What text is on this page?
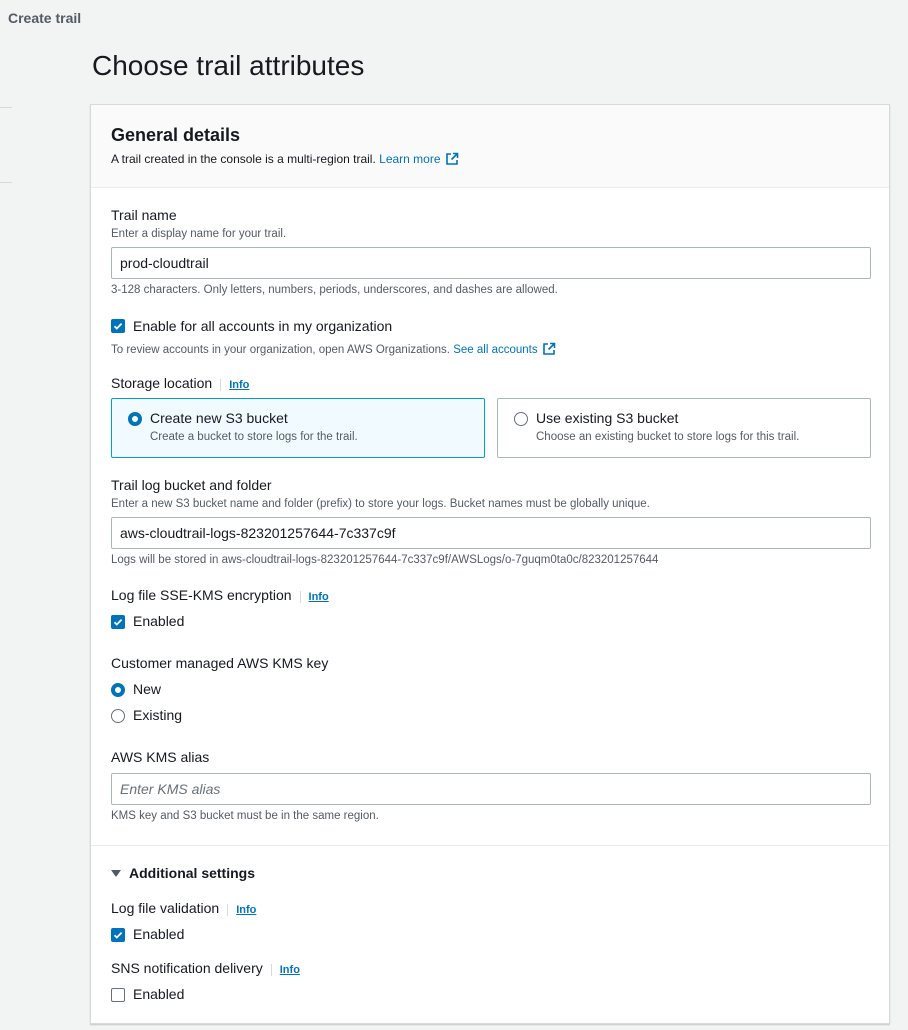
Create trail
Choose trail attributes
General details
A trail created in the console is a multi-region trail. Learn more
Trail name
Enter a display name for your trail.
prod-cloudtrail
3-128 characters. Only letters, numbers, periods, underscores, and dashes are allowed.
Enable for all accounts in my organization
To review accounts in your organization, open AWS Organizations. See all accounts
Storage location Info
Create new S3 bucket
Create a bucket to store logs for the trail.
Use existing S3 bucket
Choose an existing bucket to store logs for this trail.
Trail log bucket and folder
Enter a new S3 bucket name and folder (prefix) to store your logs. Bucket names must be globally unique.
aws-cloudtrail-logs-823201257644-7c337c9f
Logs will be stored in aws-cloudtrail-logs-823201257644-7c337c9f/AWSLogs/o-7guqm0ta0c/823201257644
Log file SSE-KMS encryption Info
Enabled
Customer managed AWS KMS key
New
Existing
AWS KMS alias
Enter KMS alias
KMS key and S3 bucket must be in the same region.
Additional settings
Log file validation Info
Enabled
SNS notification delivery Info
Enabled
